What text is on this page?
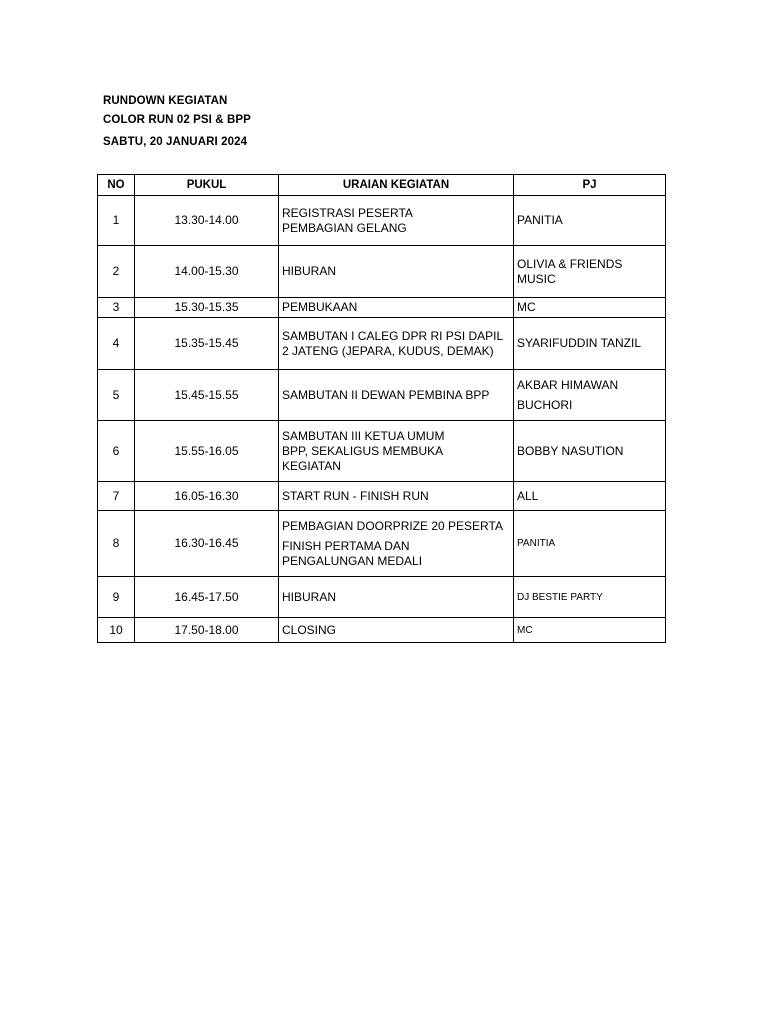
RUNDOWN KEGIATAN
COLOR RUN 02 PSI & BPP
SABTU, 20 JANUARI 2024
NO	PUKUL	URAIAN KEGIATAN	PJ
1	13.30-14.00	REGISTRASI PESERTA
PEMBAGIAN GELANG	PANITIA
2	14.00-15.30	HIBURAN	OLIVIA & FRIENDS MUSIC
3	15.30-15.35	PEMBUKAAN	MC
4	15.35-15.45	SAMBUTAN I CALEG DPR RI PSI DAPIL
2 JATENG (JEPARA, KUDUS, DEMAK)	SYARIFUDDIN TANZIL
5	15.45-15.55	SAMBUTAN II DEWAN PEMBINA BPP	AKBAR HIMAWAN
BUCHORI

6	15.55-16.05	SAMBUTAN III KETUA UMUM
BPP, SEKALIGUS MEMBUKA
KEGIATAN	BOBBY NASUTION
7	16.05-16.30	START RUN - FINISH RUN	ALL
8	16.30-16.45	PEMBAGIAN DOORPRIZE 20 PESERTA
FINISH PERTAMA DAN
PENGALUNGAN MEDALI	PANITIA
9	16.45-17.50	HIBURAN	DJ BESTIE PARTY
10	17.50-18.00	CLOSING	MC
